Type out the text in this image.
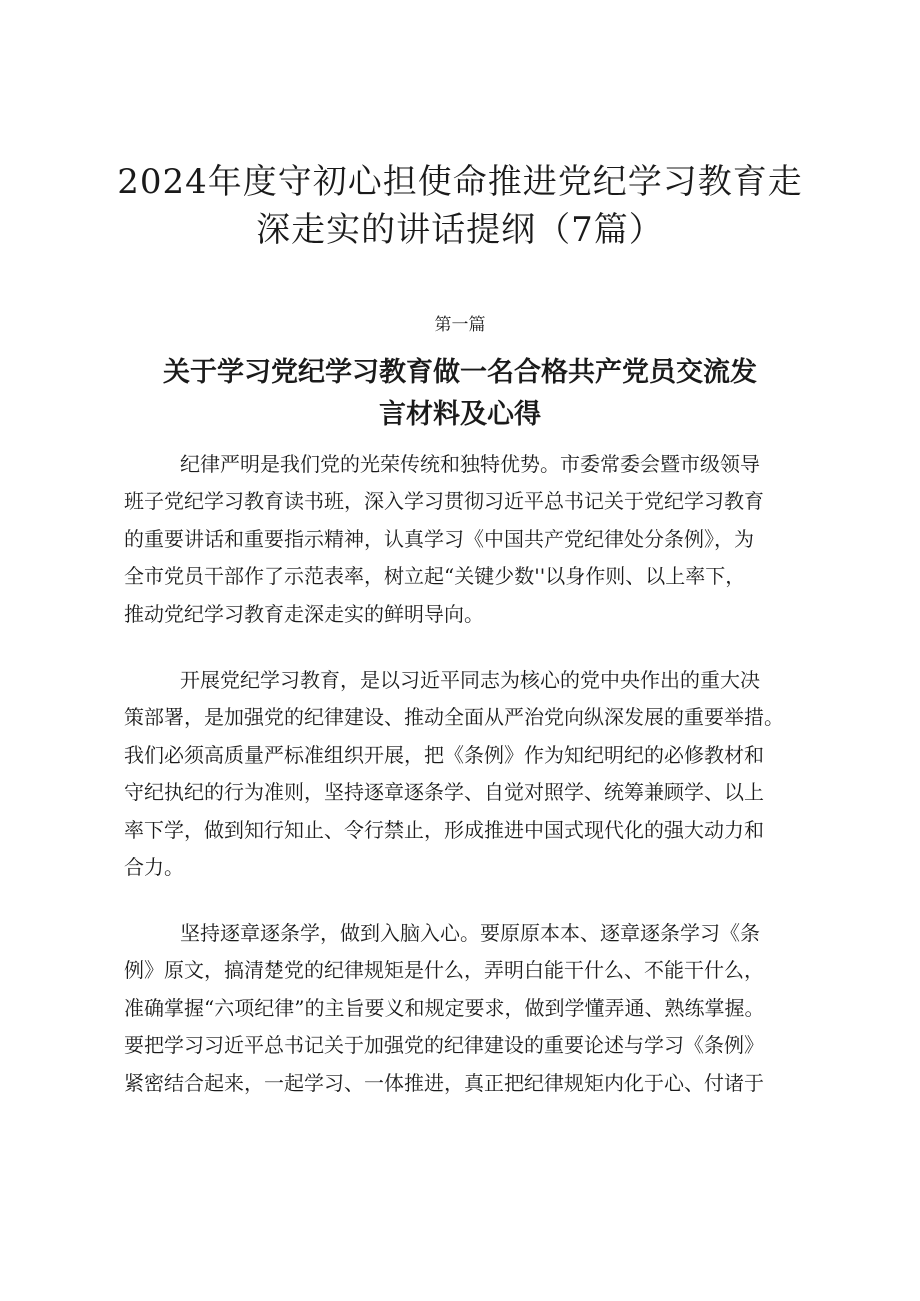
2024年度守初心担使命推进党纪学习教育走
深走实的讲话提纲（7篇）
第一篇
关于学习党纪学习教育做一名合格共产党员交流发
言材料及心得
纪律严明是我们党的光荣传统和独特优势。市委常委会暨市级领导
班子党纪学习教育读书班，深入学习贯彻习近平总书记关于党纪学习教育
的重要讲话和重要指示精神，认真学习《中国共产党纪律处分条例》，为
全市党员干部作了示范表率，树立起“关键少数''以身作则、以上率下，
推动党纪学习教育走深走实的鲜明导向。
开展党纪学习教育，是以习近平同志为核心的党中央作出的重大决
策部署，是加强党的纪律建设、推动全面从严治党向纵深发展的重要举措。
我们必须高质量严标准组织开展，把《条例》作为知纪明纪的必修教材和
守纪执纪的行为准则，坚持逐章逐条学、自觉对照学、统筹兼顾学、以上
率下学，做到知行知止、令行禁止，形成推进中国式现代化的强大动力和
合力。
坚持逐章逐条学，做到入脑入心。要原原本本、逐章逐条学习《条
例》原文，搞清楚党的纪律规矩是什么，弄明白能干什么、不能干什么，
准确掌握“六项纪律”的主旨要义和规定要求，做到学懂弄通、熟练掌握。
要把学习习近平总书记关于加强党的纪律建设的重要论述与学习《条例》
紧密结合起来，一起学习、一体推进，真正把纪律规矩内化于心、付诸于
